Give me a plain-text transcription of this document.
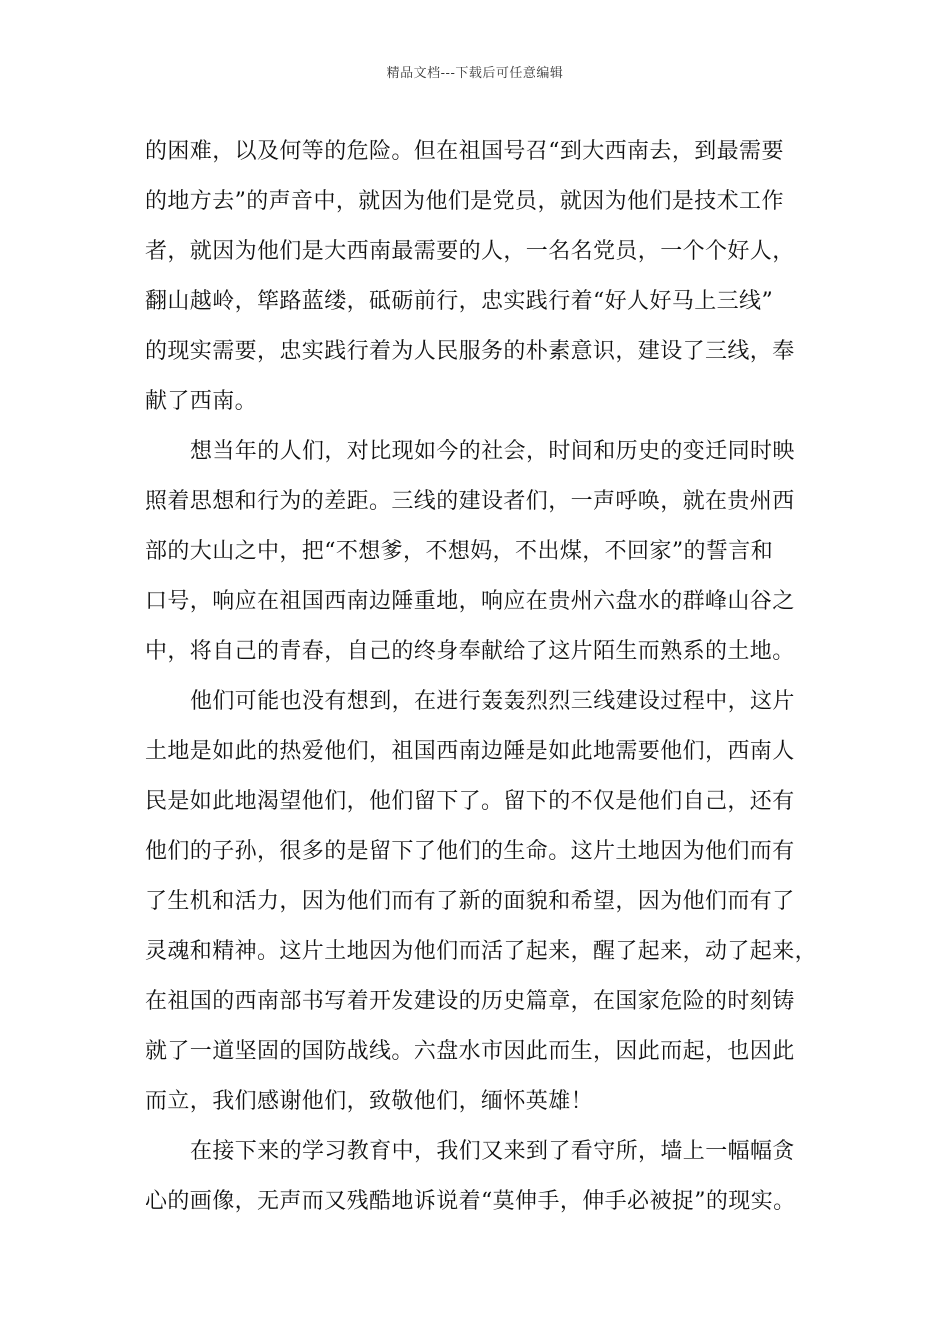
精品文档---下载后可任意编辑
的困难，以及何等的危险。但在祖国号召“到大西南去，到最需要
的地方去”的声音中，就因为他们是党员，就因为他们是技术工作
者，就因为他们是大西南最需要的人，一名名党员，一个个好人，
翻山越岭，筚路蓝缕，砥砺前行，忠实践行着“好人好马上三线”
的现实需要，忠实践行着为人民服务的朴素意识，建设了三线，奉
献了西南。
想当年的人们，对比现如今的社会，时间和历史的变迁同时映
照着思想和行为的差距。三线的建设者们，一声呼唤，就在贵州西
部的大山之中，把“不想爹，不想妈，不出煤，不回家”的誓言和
口号，响应在祖国西南边陲重地，响应在贵州六盘水的群峰山谷之
中，将自己的青春，自己的终身奉献给了这片陌生而熟系的土地。
他们可能也没有想到，在进行轰轰烈烈三线建设过程中，这片
土地是如此的热爱他们，祖国西南边陲是如此地需要他们，西南人
民是如此地渴望他们，他们留下了。留下的不仅是他们自己，还有
他们的子孙，很多的是留下了他们的生命。这片土地因为他们而有
了生机和活力，因为他们而有了新的面貌和希望，因为他们而有了
灵魂和精神。这片土地因为他们而活了起来，醒了起来，动了起来，
在祖国的西南部书写着开发建设的历史篇章，在国家危险的时刻铸
就了一道坚固的国防战线。六盘水市因此而生，因此而起，也因此
而立，我们感谢他们，致敬他们，缅怀英雄！
在接下来的学习教育中，我们又来到了看守所，墙上一幅幅贪
心的画像，无声而又残酷地诉说着“莫伸手，伸手必被捉”的现实。
